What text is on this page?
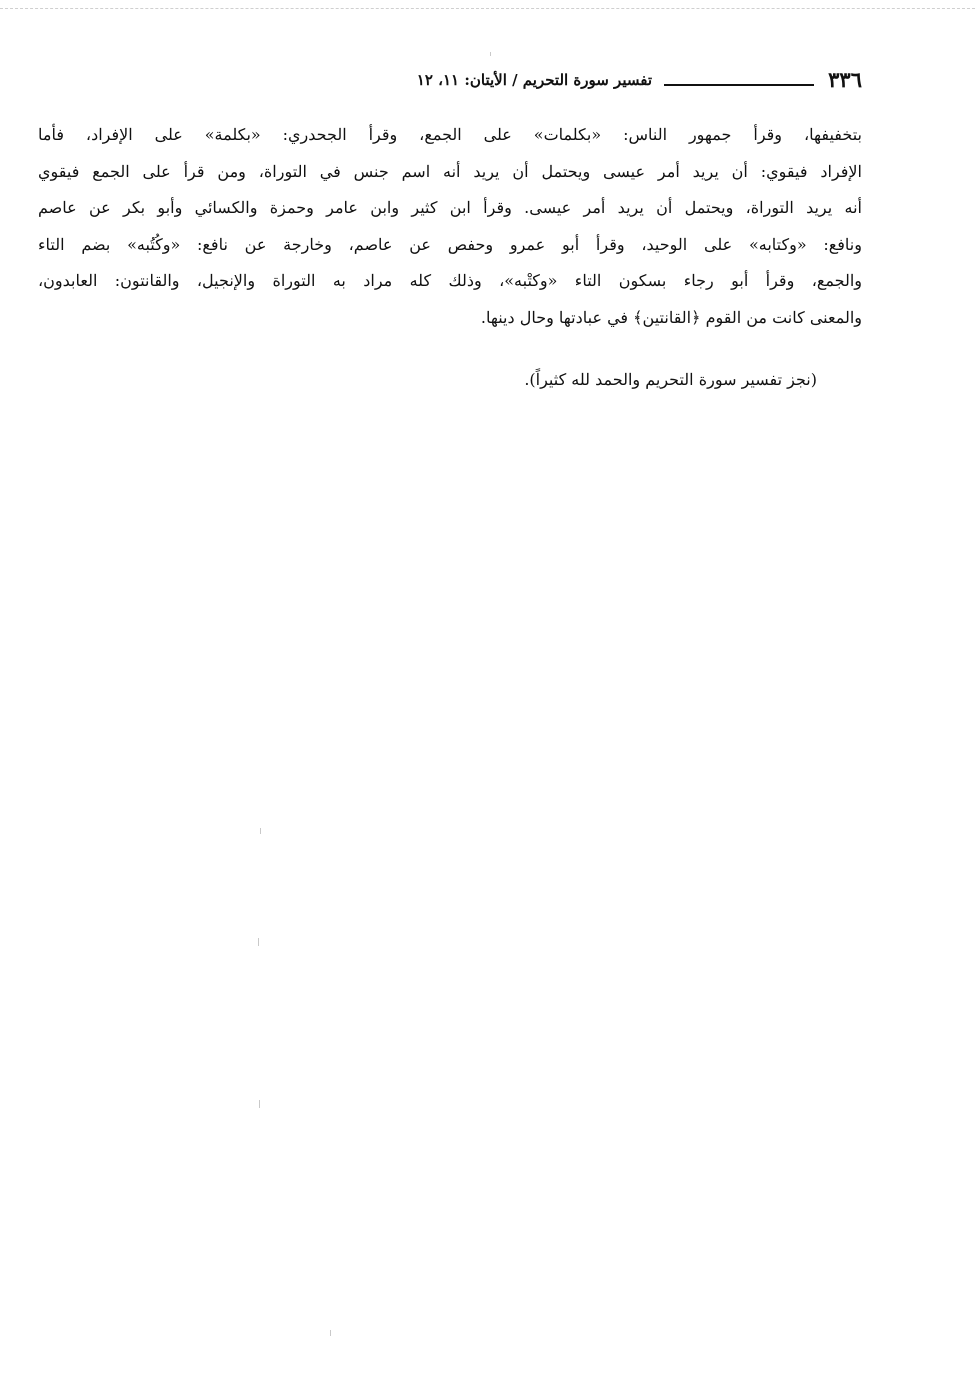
٣٣٦
تفسير سورة التحريم / الأيتان: ١١، ١٢
بتخفيفها، وقرأ جمهور الناس: «بكلمات» على الجمع، وقرأ الجحدري: «بكلمة» على الإفراد، فأما
الإفراد فيقوي: أن يريد أمر عيسى ويحتمل أن يريد أنه اسم جنس في التوراة، ومن قرأ على الجمع فيقوي
أنه يريد التوراة، ويحتمل أن يريد أمر عيسى. وقرأ ابن كثير وابن عامر وحمزة والكسائي وأبو بكر عن عاصم
ونافع: «وكتابه» على الوحيد، وقرأ أبو عمرو وحفص عن عاصم، وخارجة عن نافع: «وكُتُبه» بضم التاء
والجمع، وقرأ أبو رجاء بسكون التاء «وكتْبه»، وذلك كله مراد به التوراة والإنجيل، والقانتون: العابدون،
والمعنى كانت من القوم ﴿القانتين﴾ في عبادتها وحال دينها.
(نجز تفسير سورة التحريم والحمد لله كثيراً).
